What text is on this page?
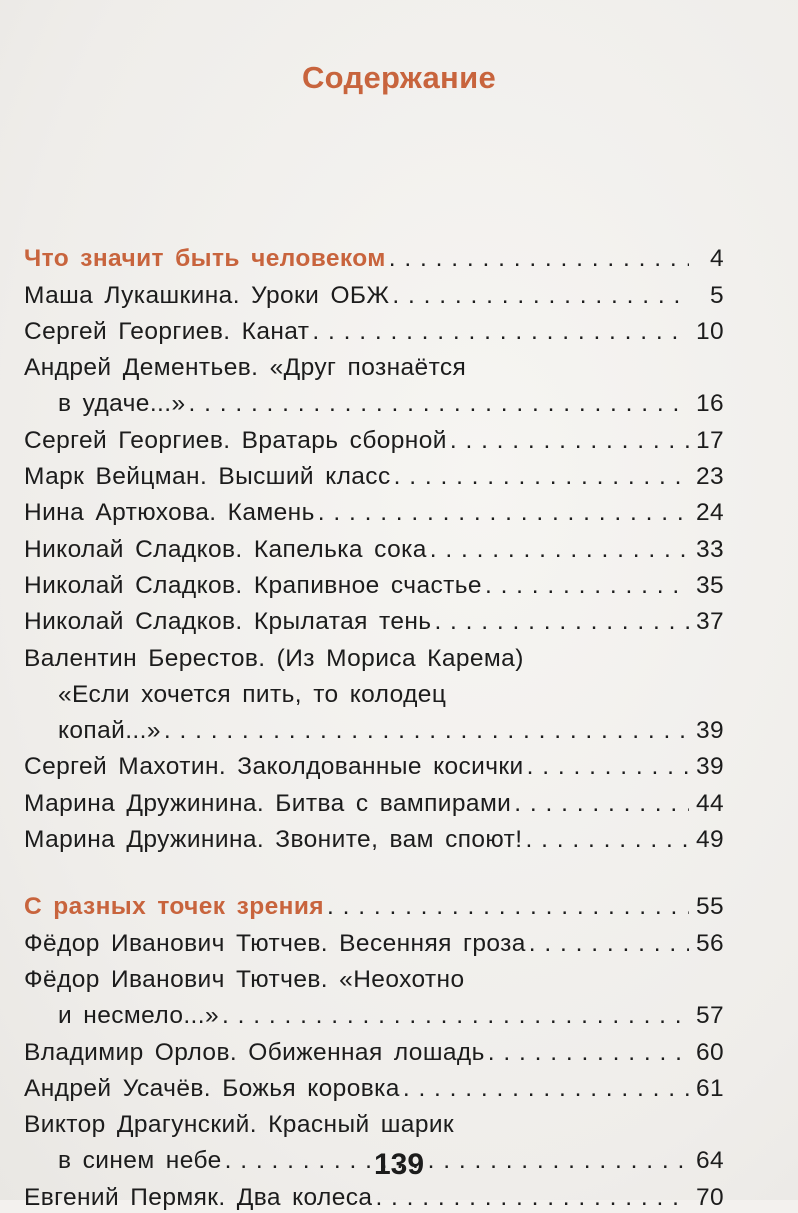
Содержание
Что значит быть человеком . . .	4
Маша Лукашкина. Уроки ОБЖ . . .	5
Сергей Георгиев. Канат . . .	10
Андрей Дементьев. «Друг познаётся
в удаче...» . . .	16
Сергей Георгиев. Вратарь сборной . . .	17
Марк Вейцман. Высший класс . . .	23
Нина Артюхова. Камень . . .	24
Николай Сладков. Капелька сока . . .	33
Николай Сладков. Крапивное счастье . . .	35
Николай Сладков. Крылатая тень . . .	37
Валентин Берестов. (Из Мориса Карема)
«Если хочется пить, то колодец
копай...» . . .	39
Сергей Махотин. Заколдованные косички . . .	39
Марина Дружинина. Битва с вампирами . . .	44
Марина Дружинина. Звоните, вам споют! . . .	49
С разных точек зрения . . .	55
Фёдор Иванович Тютчев. Весенняя гроза . . .	56
Фёдор Иванович Тютчев. «Неохотно
и несмело...» . . .	57
Владимир Орлов. Обиженная лошадь . . .	60
Андрей Усачёв. Божья коровка . . .	61
Виктор Драгунский. Красный шарик
в синем небе . . .	64
Евгений Пермяк. Два колеса . . .	70
139
